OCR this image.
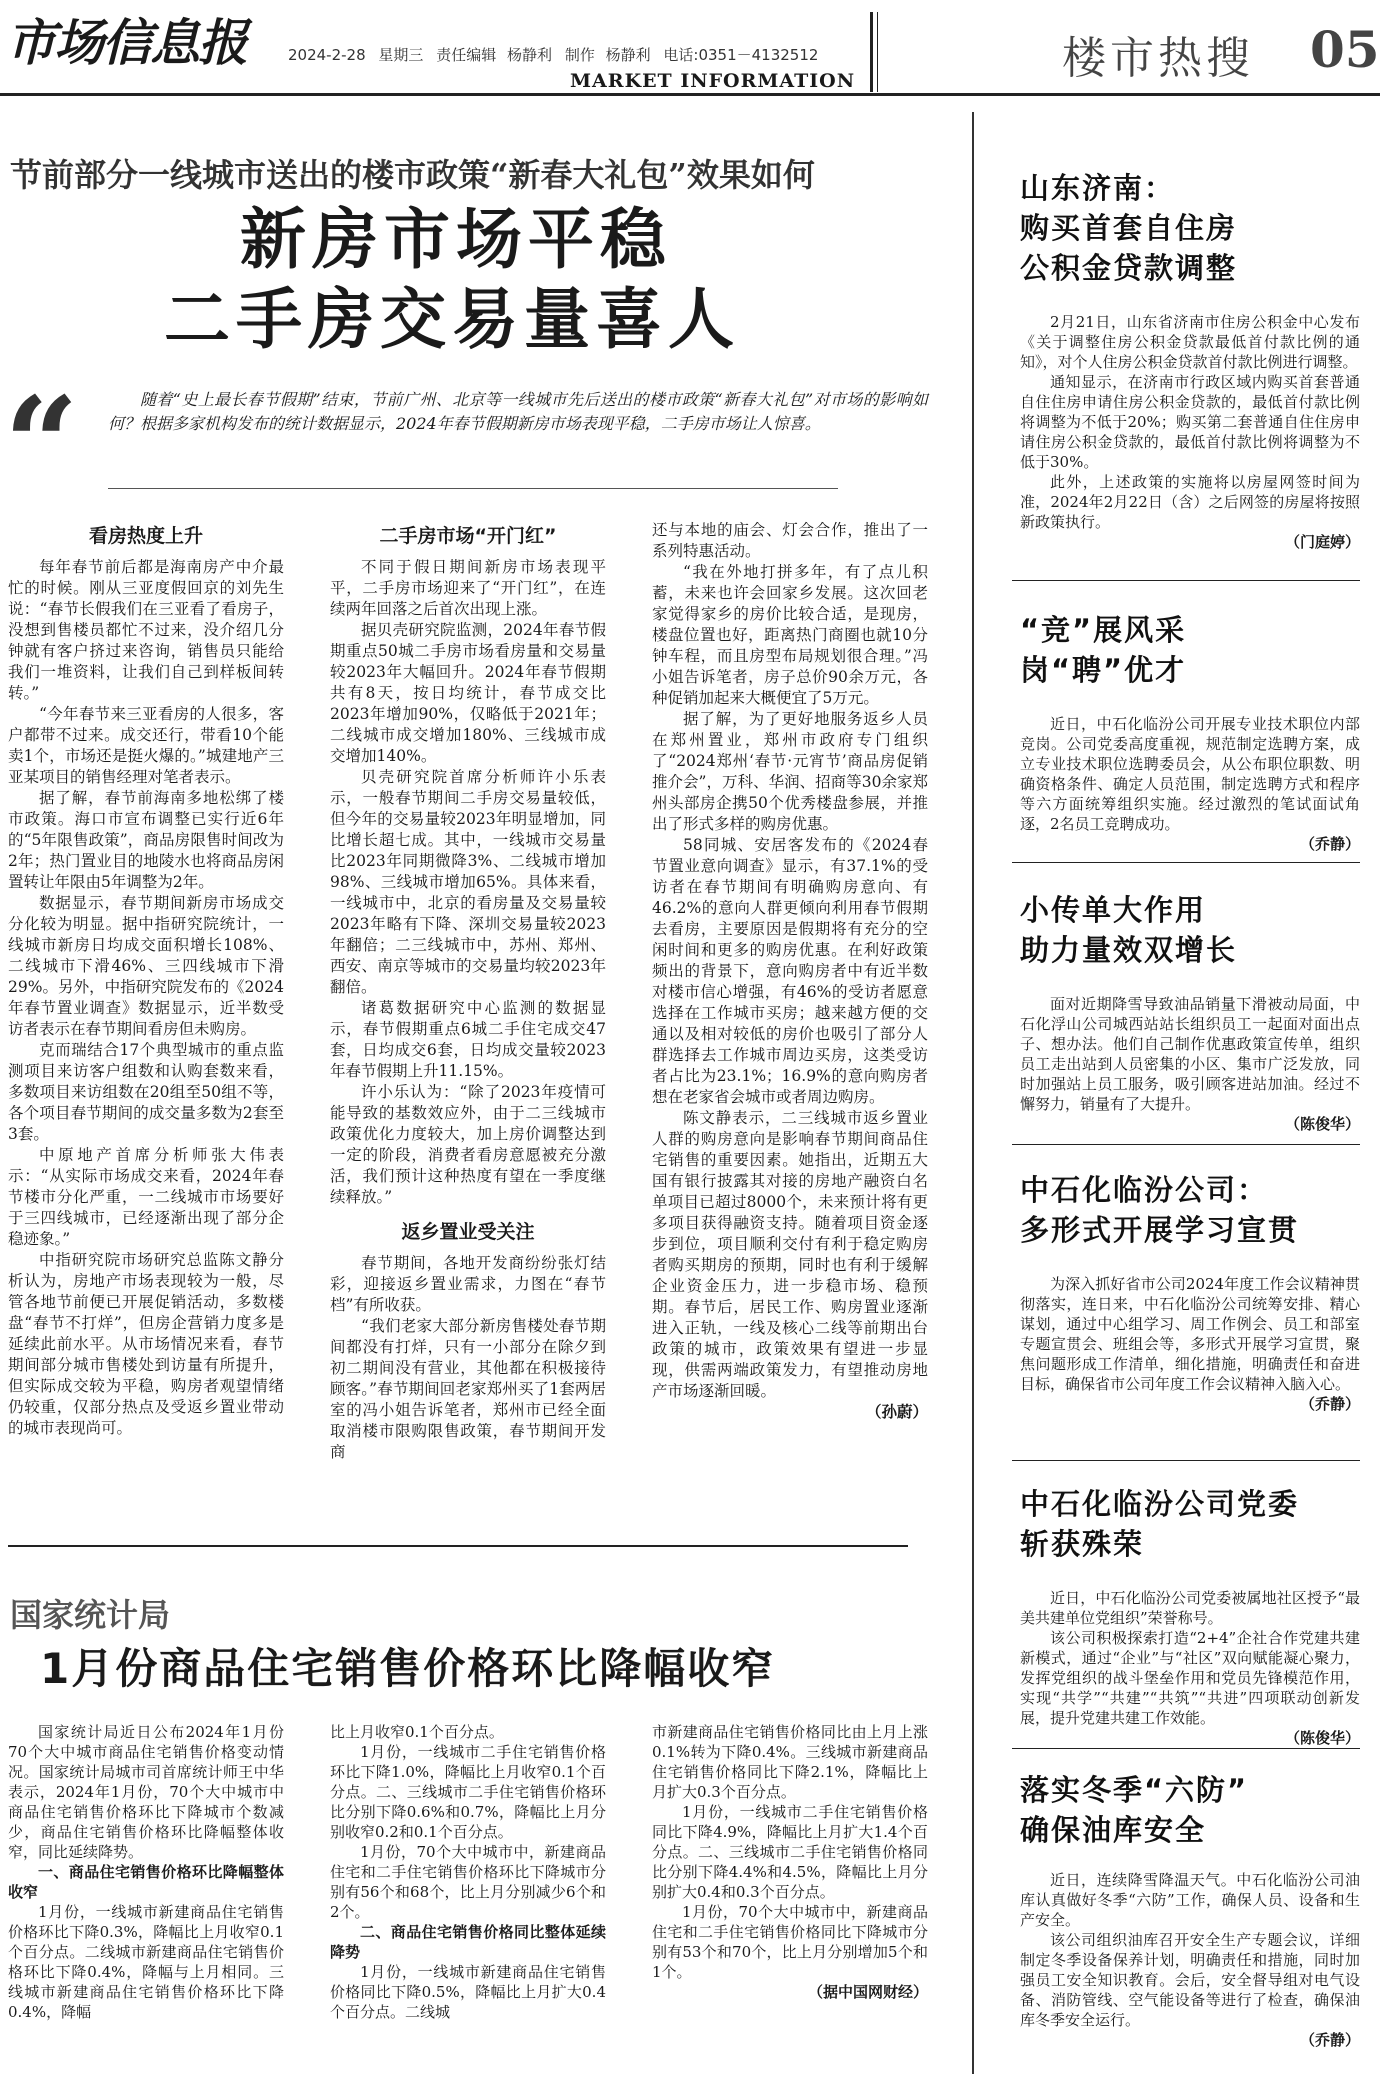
市场信息报	2024-2-28 星期三 责任编辑 杨静利 制作 杨静利 电话:0351－4132512
MARKET INFORMATION	楼市热搜 05
节前部分一线城市送出的楼市政策“新春大礼包”效果如何
新房市场平稳
二手房交易量喜人
“	随着“史上最长春节假期”结束，节前广州、北京等一线城市先后送出的楼市政策“新春大礼包”对市场的影响如何？根据多家机构发布的统计数据显示，2024年春节假期新房市场表现平稳，二手房市场让人惊喜。
看房热度上升

每年春节前后都是海南房产中介最忙的时候。刚从三亚度假回京的刘先生说：“春节长假我们在三亚看了看房子，没想到售楼员都忙不过来，没介绍几分钟就有客户挤过来咨询，销售员只能给我们一堆资料，让我们自己到样板间转转。”

“今年春节来三亚看房的人很多，客户都带不过来。成交还行，带看10个能卖1个，市场还是挺火爆的。”城建地产三亚某项目的销售经理对笔者表示。

据了解，春节前海南多地松绑了楼市政策。海口市宣布调整已实行近6年的“5年限售政策”，商品房限售时间改为2年；热门置业目的地陵水也将商品房闲置转让年限由5年调整为2年。

数据显示，春节期间新房市场成交分化较为明显。据中指研究院统计，一线城市新房日均成交面积增长108%、二线城市下滑46%、三四线城市下滑29%。另外，中指研究院发布的《2024年春节置业调查》数据显示，近半数受访者表示在春节期间看房但未购房。

克而瑞结合17个典型城市的重点监测项目来访客户组数和认购套数来看，多数项目来访组数在20组至50组不等，各个项目春节期间的成交量多数为2套至3套。

中原地产首席分析师张大伟表示：“从实际市场成交来看，2024年春节楼市分化严重，一二线城市市场要好于三四线城市，已经逐渐出现了部分企稳迹象。”

中指研究院市场研究总监陈文静分析认为，房地产市场表现较为一般，尽管各地节前便已开展促销活动，多数楼盘“春节不打烊”，但房企营销力度多是延续此前水平。从市场情况来看，春节期间部分城市售楼处到访量有所提升，但实际成交较为平稳，购房者观望情绪仍较重，仅部分热点及受返乡置业带动的城市表现尚可。

二手房市场“开门红”

不同于假日期间新房市场表现平平，二手房市场迎来了“开门红”，在连续两年回落之后首次出现上涨。

据贝壳研究院监测，2024年春节假期重点50城二手房市场看房量和交易量较2023年大幅回升。2024年春节假期共有8天，按日均统计，春节成交比2023年增加90%，仅略低于2021年；二线城市成交增加180%、三线城市成交增加140%。

贝壳研究院首席分析师许小乐表示，一般春节期间二手房交易量较低，但今年的交易量较2023年明显增加，同比增长超七成。其中，一线城市交易量比2023年同期微降3%、二线城市增加98%、三线城市增加65%。具体来看，一线城市中，北京的看房量及交易量较2023年略有下降、深圳交易量较2023年翻倍；二三线城市中，苏州、郑州、西安、南京等城市的交易量均较2023年翻倍。

诸葛数据研究中心监测的数据显示，春节假期重点6城二手住宅成交47套，日均成交6套，日均成交量较2023年春节假期上升11.15%。

许小乐认为：“除了2023年疫情可能导致的基数效应外，由于二三线城市政策优化力度较大，加上房价调整达到一定的阶段，消费者看房意愿被充分激活，我们预计这种热度有望在一季度继续释放。”

返乡置业受关注

春节期间，各地开发商纷纷张灯结彩，迎接返乡置业需求，力图在“春节档”有所收获。

“我们老家大部分新房售楼处春节期间都没有打烊，只有一小部分在除夕到初二期间没有营业，其他都在积极接待顾客。”春节期间回老家郑州买了1套两居室的冯小姐告诉笔者，郑州市已经全面取消楼市限购限售政策，春节期间开发商

还与本地的庙会、灯会合作，推出了一系列特惠活动。

“我在外地打拼多年，有了点儿积蓄，未来也许会回家乡发展。这次回老家觉得家乡的房价比较合适，是现房，楼盘位置也好，距离热门商圈也就10分钟车程，而且房型布局规划很合理。”冯小姐告诉笔者，房子总价90余万元，各种促销加起来大概便宜了5万元。

据了解，为了更好地服务返乡人员在郑州置业，郑州市政府专门组织了“2024郑州‘春节·元宵节’商品房促销推介会”，万科、华润、招商等30余家郑州头部房企携50个优秀楼盘参展，并推出了形式多样的购房优惠。

58同城、安居客发布的《2024春节置业意向调查》显示，有37.1%的受访者在春节期间有明确购房意向、有46.2%的意向人群更倾向利用春节假期去看房，主要原因是假期将有充分的空闲时间和更多的购房优惠。在利好政策频出的背景下，意向购房者中有近半数对楼市信心增强，有46%的受访者愿意选择在工作城市买房；越来越方便的交通以及相对较低的房价也吸引了部分人群选择去工作城市周边买房，这类受访者占比为23.1%；16.9%的意向购房者想在老家省会城市或者周边购房。

陈文静表示，二三线城市返乡置业人群的购房意向是影响春节期间商品住宅销售的重要因素。她指出，近期五大国有银行披露其对接的房地产融资白名单项目已超过8000个，未来预计将有更多项目获得融资支持。随着项目资金逐步到位，项目顺利交付有利于稳定购房者购买期房的预期，同时也有利于缓解企业资金压力，进一步稳市场、稳预期。春节后，居民工作、购房置业逐渐进入正轨，一线及核心二线等前期出台政策的城市，政策效果有望进一步显现，供需两端政策发力，有望推动房地产市场逐渐回暖。

（孙蔚）

国家统计局
1月份商品住宅销售价格环比降幅收窄

国家统计局近日公布2024年1月份70个大中城市商品住宅销售价格变动情况。国家统计局城市司首席统计师王中华表示，2024年1月份，70个大中城市中商品住宅销售价格环比下降城市个数减少，商品住宅销售价格环比降幅整体收窄，同比延续降势。

一、商品住宅销售价格环比降幅整体收窄

1月份，一线城市新建商品住宅销售价格环比下降0.3%，降幅比上月收窄0.1个百分点。二线城市新建商品住宅销售价格环比下降0.4%，降幅与上月相同。三线城市新建商品住宅销售价格环比下降0.4%，降幅

比上月收窄0.1个百分点。

1月份，一线城市二手住宅销售价格环比下降1.0%，降幅比上月收窄0.1个百分点。二、三线城市二手住宅销售价格环比分别下降0.6%和0.7%，降幅比上月分别收窄0.2和0.1个百分点。

1月份，70个大中城市中，新建商品住宅和二手住宅销售价格环比下降城市分别有56个和68个，比上月分别减少6个和2个。

二、商品住宅销售价格同比整体延续降势

1月份，一线城市新建商品住宅销售价格同比下降0.5%，降幅比上月扩大0.4个百分点。二线城

市新建商品住宅销售价格同比由上月上涨0.1%转为下降0.4%。三线城市新建商品住宅销售价格同比下降2.1%，降幅比上月扩大0.3个百分点。

1月份，一线城市二手住宅销售价格同比下降4.9%，降幅比上月扩大1.4个百分点。二、三线城市二手住宅销售价格同比分别下降4.4%和4.5%，降幅比上月分别扩大0.4和0.3个百分点。

1月份，70个大中城市中，新建商品住宅和二手住宅销售价格同比下降城市分别有53个和70个，比上月分别增加5个和1个。

（据中国网财经）

山东济南：
购买首套自住房
公积金贷款调整

2月21日，山东省济南市住房公积金中心发布《关于调整住房公积金贷款最低首付款比例的通知》，对个人住房公积金贷款首付款比例进行调整。

通知显示，在济南市行政区域内购买首套普通自住住房申请住房公积金贷款的，最低首付款比例将调整为不低于20%；购买第二套普通自住住房申请住房公积金贷款的，最低首付款比例将调整为不低于30%。

此外，上述政策的实施将以房屋网签时间为准，2024年2月22日（含）之后网签的房屋将按照新政策执行。

（门庭婷）

“竞”展风采
岗“聘”优才

近日，中石化临汾公司开展专业技术职位内部竞岗。公司党委高度重视，规范制定选聘方案，成立专业技术职位选聘委员会，从公布职位职数、明确资格条件、确定人员范围，制定选聘方式和程序等六方面统筹组织实施。经过激烈的笔试面试角逐，2名员工竞聘成功。

（乔静）

小传单大作用
助力量效双增长

面对近期降雪导致油品销量下滑被动局面，中石化浮山公司城西站站长组织员工一起面对面出点子、想办法。他们自己制作优惠政策宣传单，组织员工走出站到人员密集的小区、集市广泛发放，同时加强站上员工服务，吸引顾客进站加油。经过不懈努力，销量有了大提升。

（陈俊华）

中石化临汾公司：
多形式开展学习宣贯

为深入抓好省市公司2024年度工作会议精神贯彻落实，连日来，中石化临汾公司统筹安排、精心谋划，通过中心组学习、周工作例会、员工和部室专题宣贯会、班组会等，多形式开展学习宣贯，聚焦问题形成工作清单，细化措施，明确责任和奋进目标，确保省市公司年度工作会议精神入脑入心。

（乔静）

中石化临汾公司党委
斩获殊荣

近日，中石化临汾公司党委被属地社区授予“最美共建单位党组织”荣誉称号。

该公司积极探索打造“2+4”企社合作党建共建新模式，通过“企业”与“社区”双向赋能凝心聚力，发挥党组织的战斗堡垒作用和党员先锋模范作用，实现“共学”“共建”“共筑”“共进”四项联动创新发展，提升党建共建工作效能。

（陈俊华）

落实冬季“六防”
确保油库安全

近日，连续降雪降温天气。中石化临汾公司油库认真做好冬季“六防”工作，确保人员、设备和生产安全。

该公司组织油库召开安全生产专题会议，详细制定冬季设备保养计划，明确责任和措施，同时加强员工安全知识教育。会后，安全督导组对电气设备、消防管线、空气能设备等进行了检查，确保油库冬季安全运行。

（乔静）
